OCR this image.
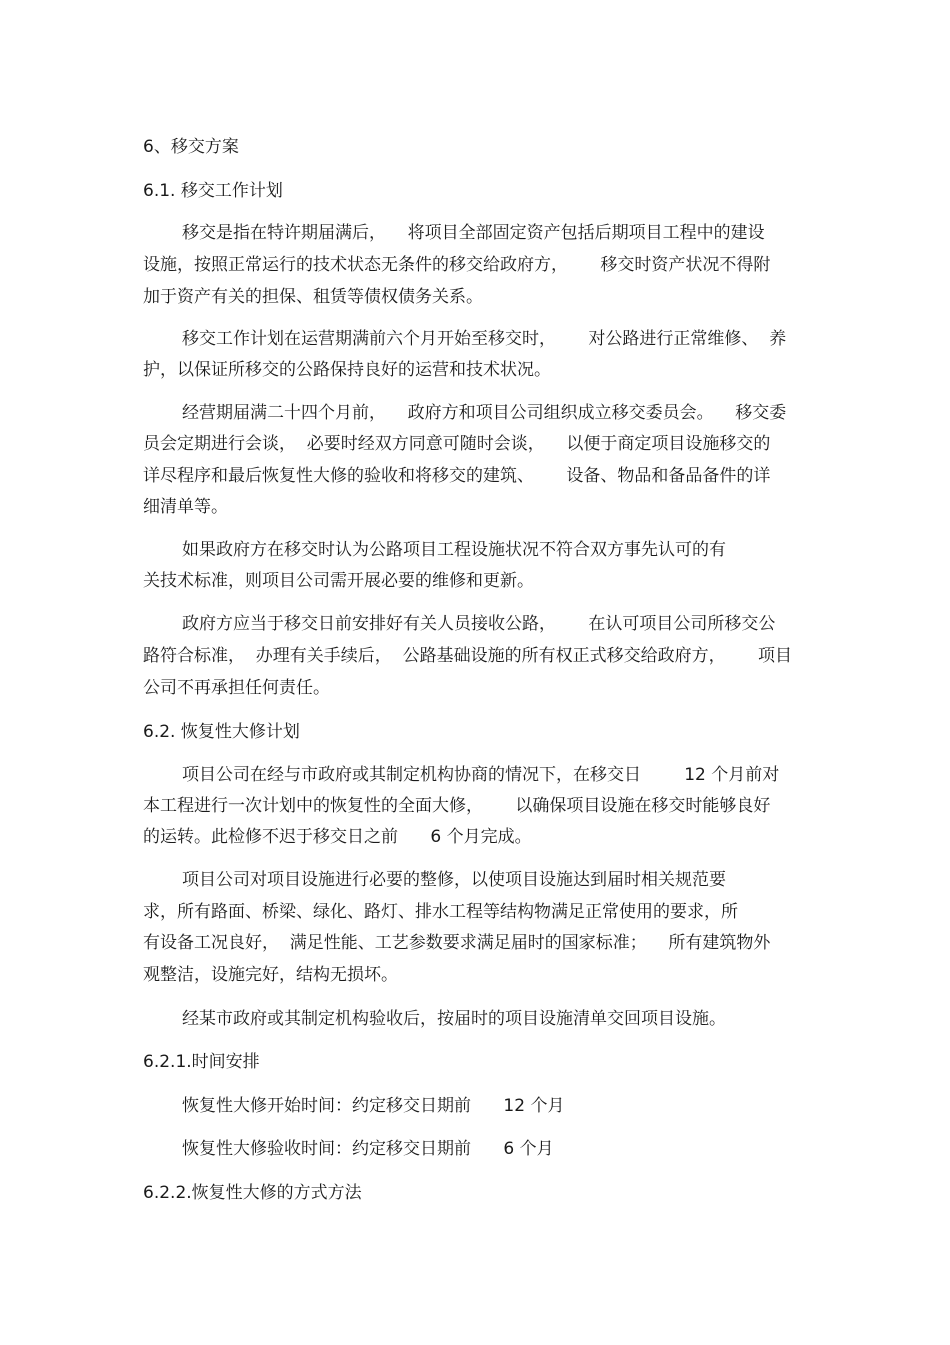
6、移交方案
6.1. 移交工作计划
移交是指在特许期届满后，    将项目全部固定资产包括后期项目工程中的建设
设施，按照正常运行的技术状态无条件的移交给政府方，      移交时资产状况不得附
加于资产有关的担保、租赁等债权债务关系。
移交工作计划在运营期满前六个月开始至移交时，      对公路进行正常维修、  养
护，以保证所移交的公路保持良好的运营和技术状况。
经营期届满二十四个月前，    政府方和项目公司组织成立移交委员会。    移交委
员会定期进行会谈，  必要时经双方同意可随时会谈，    以便于商定项目设施移交的
详尽程序和最后恢复性大修的验收和将移交的建筑、      设备、物品和备品备件的详
细清单等。
如果政府方在移交时认为公路项目工程设施状况不符合双方事先认可的有
关技术标准，则项目公司需开展必要的维修和更新。
政府方应当于移交日前安排好有关人员接收公路，      在认可项目公司所移交公
路符合标准，  办理有关手续后，  公路基础设施的所有权正式移交给政府方，      项目
公司不再承担任何责任。
6.2. 恢复性大修计划
项目公司在经与市政府或其制定机构协商的情况下，在移交日        12 个月前对
本工程进行一次计划中的恢复性的全面大修，      以确保项目设施在移交时能够良好
的运转。此检修不迟于移交日之前      6 个月完成。
项目公司对项目设施进行必要的整修，以使项目设施达到届时相关规范要
求，所有路面、桥梁、绿化、路灯、排水工程等结构物满足正常使用的要求，所
有设备工况良好，  满足性能、工艺参数要求满足届时的国家标准；    所有建筑物外
观整洁，设施完好，结构无损坏。
经某市政府或其制定机构验收后，按届时的项目设施清单交回项目设施。
6.2.1.时间安排
恢复性大修开始时间：约定移交日期前      12 个月
恢复性大修验收时间：约定移交日期前      6 个月
6.2.2.恢复性大修的方式方法
